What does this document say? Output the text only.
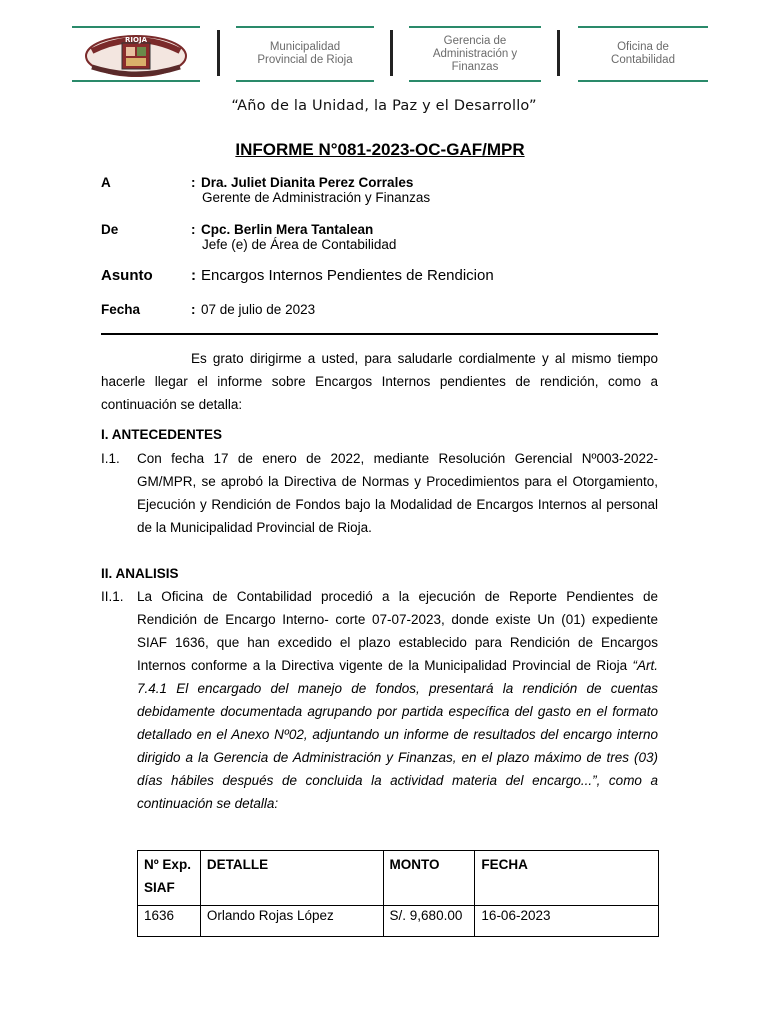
RIOJA
Municipalidad Provincial de Rioja
Gerencia de Administración y Finanzas
Oficina de Contabilidad
“Año de la Unidad, la Paz y el Desarrollo”
INFORME N°081-2023-OC-GAF/MPR
A	: Dra. Juliet Dianita Perez Corrales
Gerente de Administración y Finanzas
De	: Cpc. Berlin Mera Tantalean
Jefe (e) de Área de Contabilidad
Asunto	: Encargos Internos Pendientes de Rendicion
Fecha	: 07 de julio de 2023
Es grato dirigirme a usted, para saludarle cordialmente y al mismo tiempo hacerle llegar el informe sobre Encargos Internos pendientes de rendición, como a continuación se detalla:
I. ANTECEDENTES
I.1. Con fecha 17 de enero de 2022, mediante Resolución Gerencial Nº003-2022-GM/MPR, se aprobó la Directiva de Normas y Procedimientos para el Otorgamiento, Ejecución y Rendición de Fondos bajo la Modalidad de Encargos Internos al personal de la Municipalidad Provincial de Rioja.
II. ANALISIS
II.1. La Oficina de Contabilidad procedió a la ejecución de Reporte Pendientes de Rendición de Encargo Interno- corte 07-07-2023, donde existe Un (01) expediente SIAF 1636, que han excedido el plazo establecido para Rendición de Encargos Internos conforme a la Directiva vigente de la Municipalidad Provincial de Rioja “Art. 7.4.1 El encargado del manejo de fondos, presentará la rendición de cuentas debidamente documentada agrupando por partida específica del gasto en el formato detallado en el Anexo Nº02, adjuntando un informe de resultados del encargo interno dirigido a la Gerencia de Administración y Finanzas, en el plazo máximo de tres (03) días hábiles después de concluida la actividad materia del encargo...”, como a continuación se detalla:
Nº Exp. SIAF	DETALLE	MONTO	FECHA
1636	Orlando Rojas López	S/. 9,680.00	16-06-2023
